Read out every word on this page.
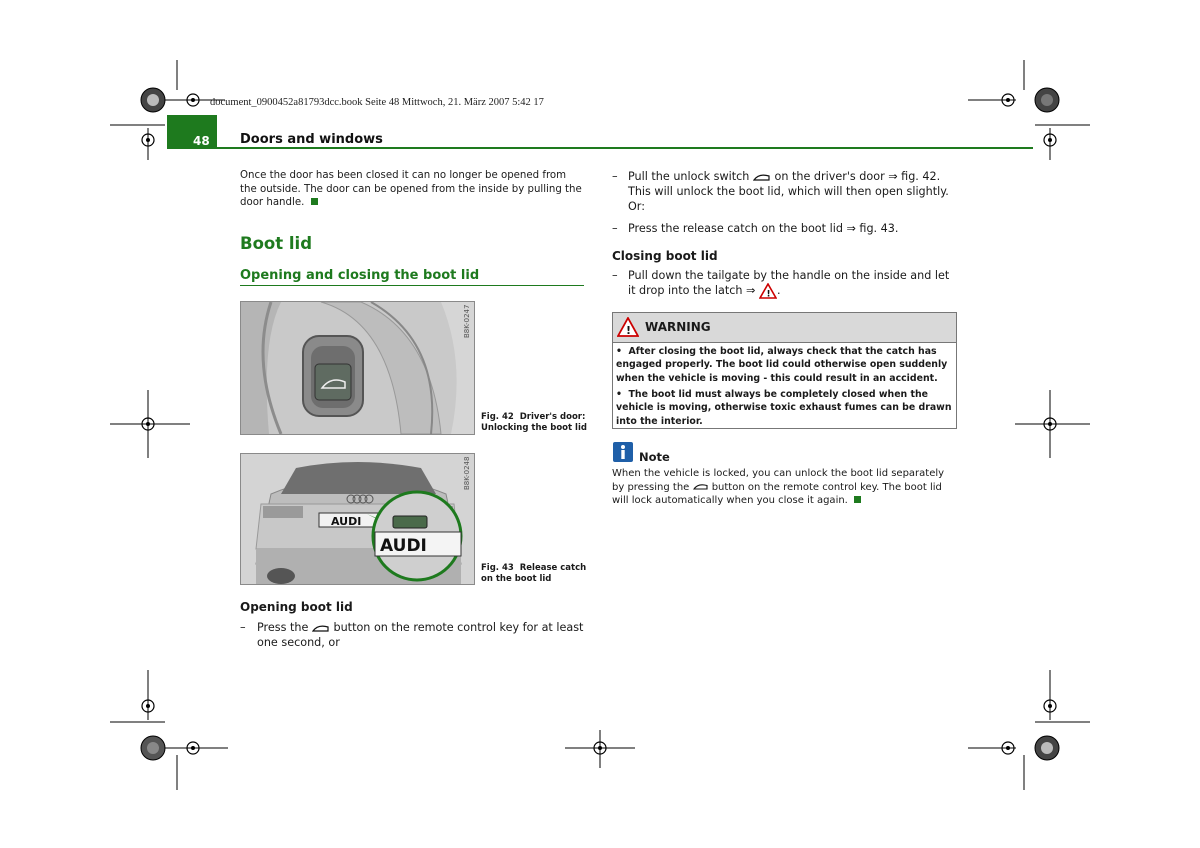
document_0900452a81793dcc.book Seite 48 Mittwoch, 21. März 2007 5:42 17
48 Doors and windows
Once the door has been closed it can no longer be opened from the outside. The door can be opened from the inside by pulling the door handle.
Boot lid
Opening and closing the boot lid
B8K-0247
Fig. 42 Driver's door:
Unlocking the boot lid
AUDI
AUDI
B8K-0248
Fig. 43 Release catch
on the boot lid
Opening boot lid
– Press the button on the remote control key for at least
one second, or
– Pull the unlock switch on the driver's door ⇒ fig. 42.
This will unlock the boot lid, which will then open slightly.
Or:
– Press the release catch on the boot lid ⇒ fig. 43.
Closing boot lid
– Pull down the tailgate by the handle on the inside and let
it drop into the latch ⇒ ! .
! WARNING
•  After closing the boot lid, always check that the catch has
engaged properly. The boot lid could otherwise open suddenly
when the vehicle is moving - this could result in an accident.
•  The boot lid must always be completely closed when the
vehicle is moving, otherwise toxic exhaust fumes can be drawn
into the interior.
Note
When the vehicle is locked, you can unlock the boot lid separately
by pressing the button on the remote control key. The boot lid
will lock automatically when you close it again.
